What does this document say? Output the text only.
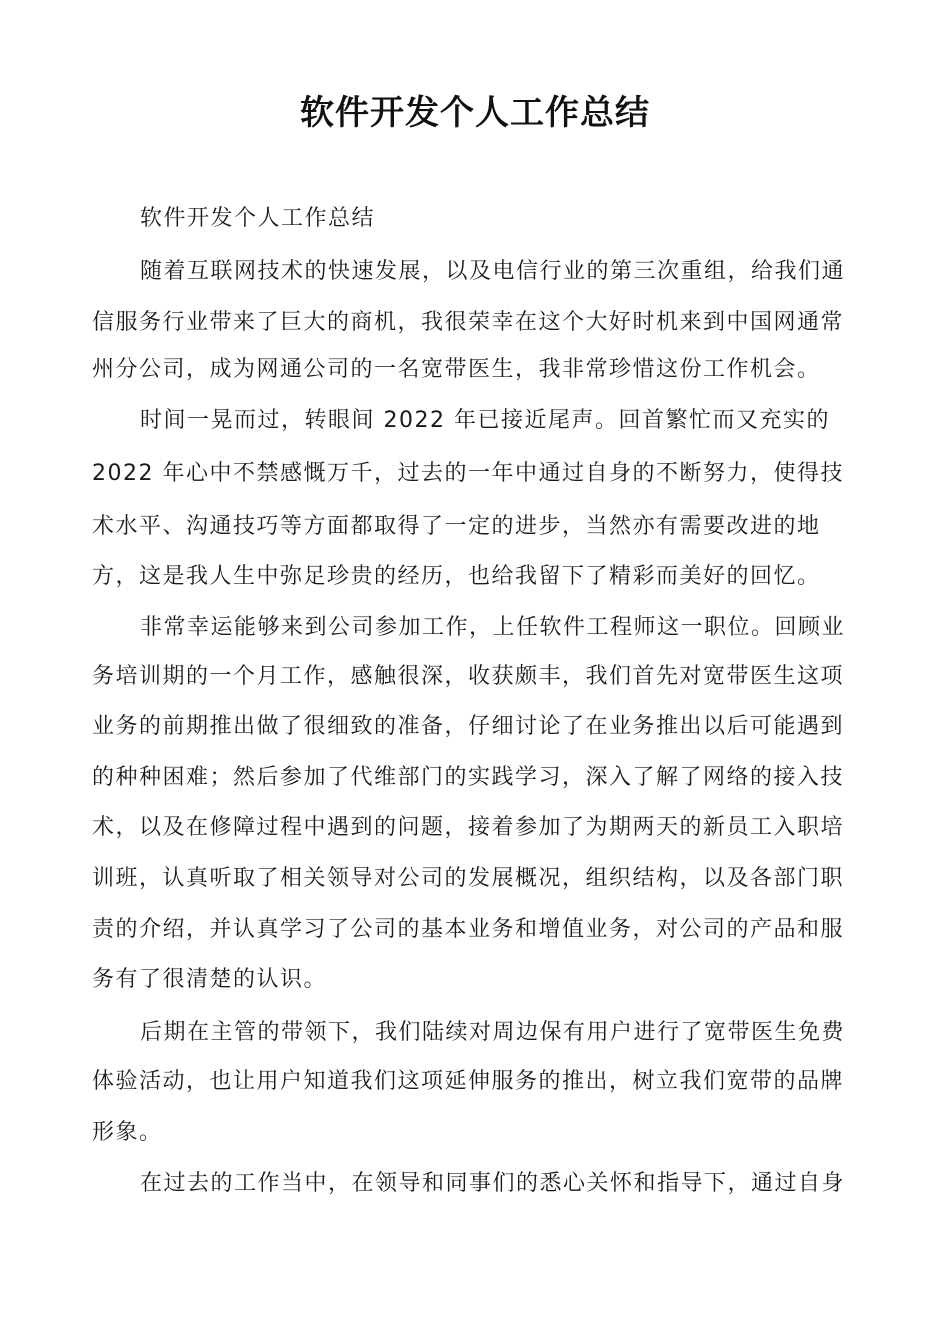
软件开发个人工作总结
软件开发个人工作总结
随着互联网技术的快速发展，以及电信行业的第三次重组，给我们通
信服务行业带来了巨大的商机，我很荣幸在这个大好时机来到中国网通常
州分公司，成为网通公司的一名宽带医生，我非常珍惜这份工作机会。
时间一晃而过，转眼间 2022 年已接近尾声。回首繁忙而又充实的
2022 年心中不禁感慨万千，过去的一年中通过自身的不断努力，使得技
术水平、沟通技巧等方面都取得了一定的进步，当然亦有需要改进的地
方，这是我人生中弥足珍贵的经历，也给我留下了精彩而美好的回忆。
非常幸运能够来到公司参加工作，上任软件工程师这一职位。回顾业
务培训期的一个月工作，感触很深，收获颇丰，我们首先对宽带医生这项
业务的前期推出做了很细致的准备，仔细讨论了在业务推出以后可能遇到
的种种困难；然后参加了代维部门的实践学习，深入了解了网络的接入技
术，以及在修障过程中遇到的问题，接着参加了为期两天的新员工入职培
训班，认真听取了相关领导对公司的发展概况，组织结构，以及各部门职
责的介绍，并认真学习了公司的基本业务和增值业务，对公司的产品和服
务有了很清楚的认识。
后期在主管的带领下，我们陆续对周边保有用户进行了宽带医生免费
体验活动，也让用户知道我们这项延伸服务的推出，树立我们宽带的品牌
形象。
在过去的工作当中，在领导和同事们的悉心关怀和指导下，通过自身
